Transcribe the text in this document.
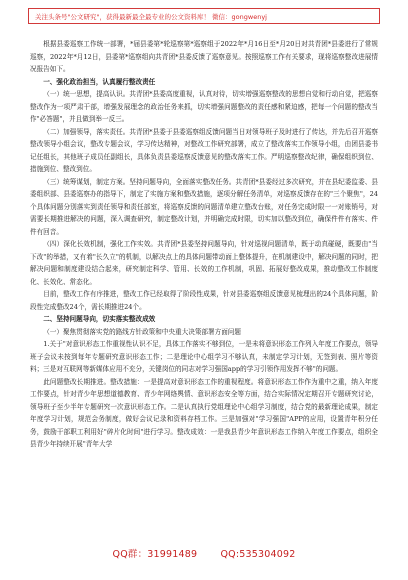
关注头条号"公文研究"，获得最新最全最专业的公文资料库！ 微信：gongwenyj

根据县委巡察工作统一部署，*届县委第*轮巡察第*巡察组于2022年*月16日至*月20日对共青团*县委进行了常规巡察，2022年*月12日，县委第*巡察组向共青团*县委反馈了巡察意见。按照巡察工作有关要求，现将巡察整改进展情况报告如下。

一、强化政治担当，认真履行整改责任

（一）统一思想，提高认识。共青团*县委高度重视，认真对待，切实增强巡察整改的思想自觉和行动自觉，把巡察整改作为一项严肃干部，增强发展理念的政治任务来抓，切实增强问题整改的责任感和紧迫感，把每一个问题的整改当作"必答题"，并且做到举一反三。

（二）加强领导，落实责任。共青团*县委于县委巡察组反馈问题当日对领导班子及时进行了传达，并先后召开巡察整改领导小组会议，整改专题会议，学习传达精神，对整改工作研究部署，成立了整改落实工作领导小组，由团县委书记任组长，其他班子成员任副组长，具体负责县委巡察反馈意见的整改落实工作。严明巡察整改纪律，确保组织到位、措施到位、整改到位。

（三）统筹谋划，制定方案。坚持问题导向，全面落实整改任务。共青团*县委经过多次研究，并在县纪委监委、县委组织部、县委巡察办的指导下，制定了实施方案和整改措施，逐项分解任务清单，对巡察反馈存在的"三个聚焦"，24个具体问题分别落实到责任领导和责任部室，将巡察反馈的问题清单建立整改台账，对任务完成时限一一对账销号，对需要长期推进解决的问题，深入调查研究，制定整改计划，并明确完成时限，切实加以整改到位，确保件件有落实、件件有回音。

（四）深化长效机制，强化工作实效。共青团*县委坚持问题导向，针对巡视问题清单，既于动真碰硬，既要由"当下改"的举措，又有着"长久立"的机制，以解决点上的具体问题带动面上整体提升，在机制建设中，解决问题的同时，把解决问题和制度建设结合起来，研究制定科学、管用、长效的工作机制，巩固、拓展好整改成果，推动整改工作制度化、长效化、常态化。

目前，整改工作有序推进，整改工作已经取得了阶段性成果，针对县委巡察组反馈意见梳理出的24个具体问题，阶段性完成整改24个，需长期推进24个。

二、坚持问题导向，切实落实整改成效

（一）聚焦贯彻落实党的路线方针政策和中央重大决策部署方面问题

1.关于"对意识形态工作重视性认识不足，具体工作落实不够到位，一是未将意识形态工作列入年度工作要点，领导班子会议未按到每年专题研究意识形态工作；二是理论中心组学习不够认真，未制定学习计划，无签到表、照片等资料；三是对互联网等新媒体应用不充分，关键岗位的同志对学习强国app的学习引领作用发挥不够"的问题。

此问题整改长期推进。整改措施：一是提高对意识形态工作的重视程度。将意识形态工作作为重中之重，纳入年度工作要点，针对青少年思想道德教育、青少年网络舆情、意识形态安全等方面，结合实际情况定期召开专题研究讨论，领导班子至少半年专题研究一次意识形态工作。二是认真执行党组理论中心组学习制度，结合党的最新理论成果，制定年度学习计划，规范会务制度，做好会议记录和资料存档工作。三是加强对"学习强国"APP的应用，设置青年积分任务，鼓励干部职工利用好"碎片化时间"进行学习。整改成效：一是我县青少年意识形态工作纳入年度工作要点，组织全县青少年持续开展"青年大学

QQ群：31991489 QQ:535304092
